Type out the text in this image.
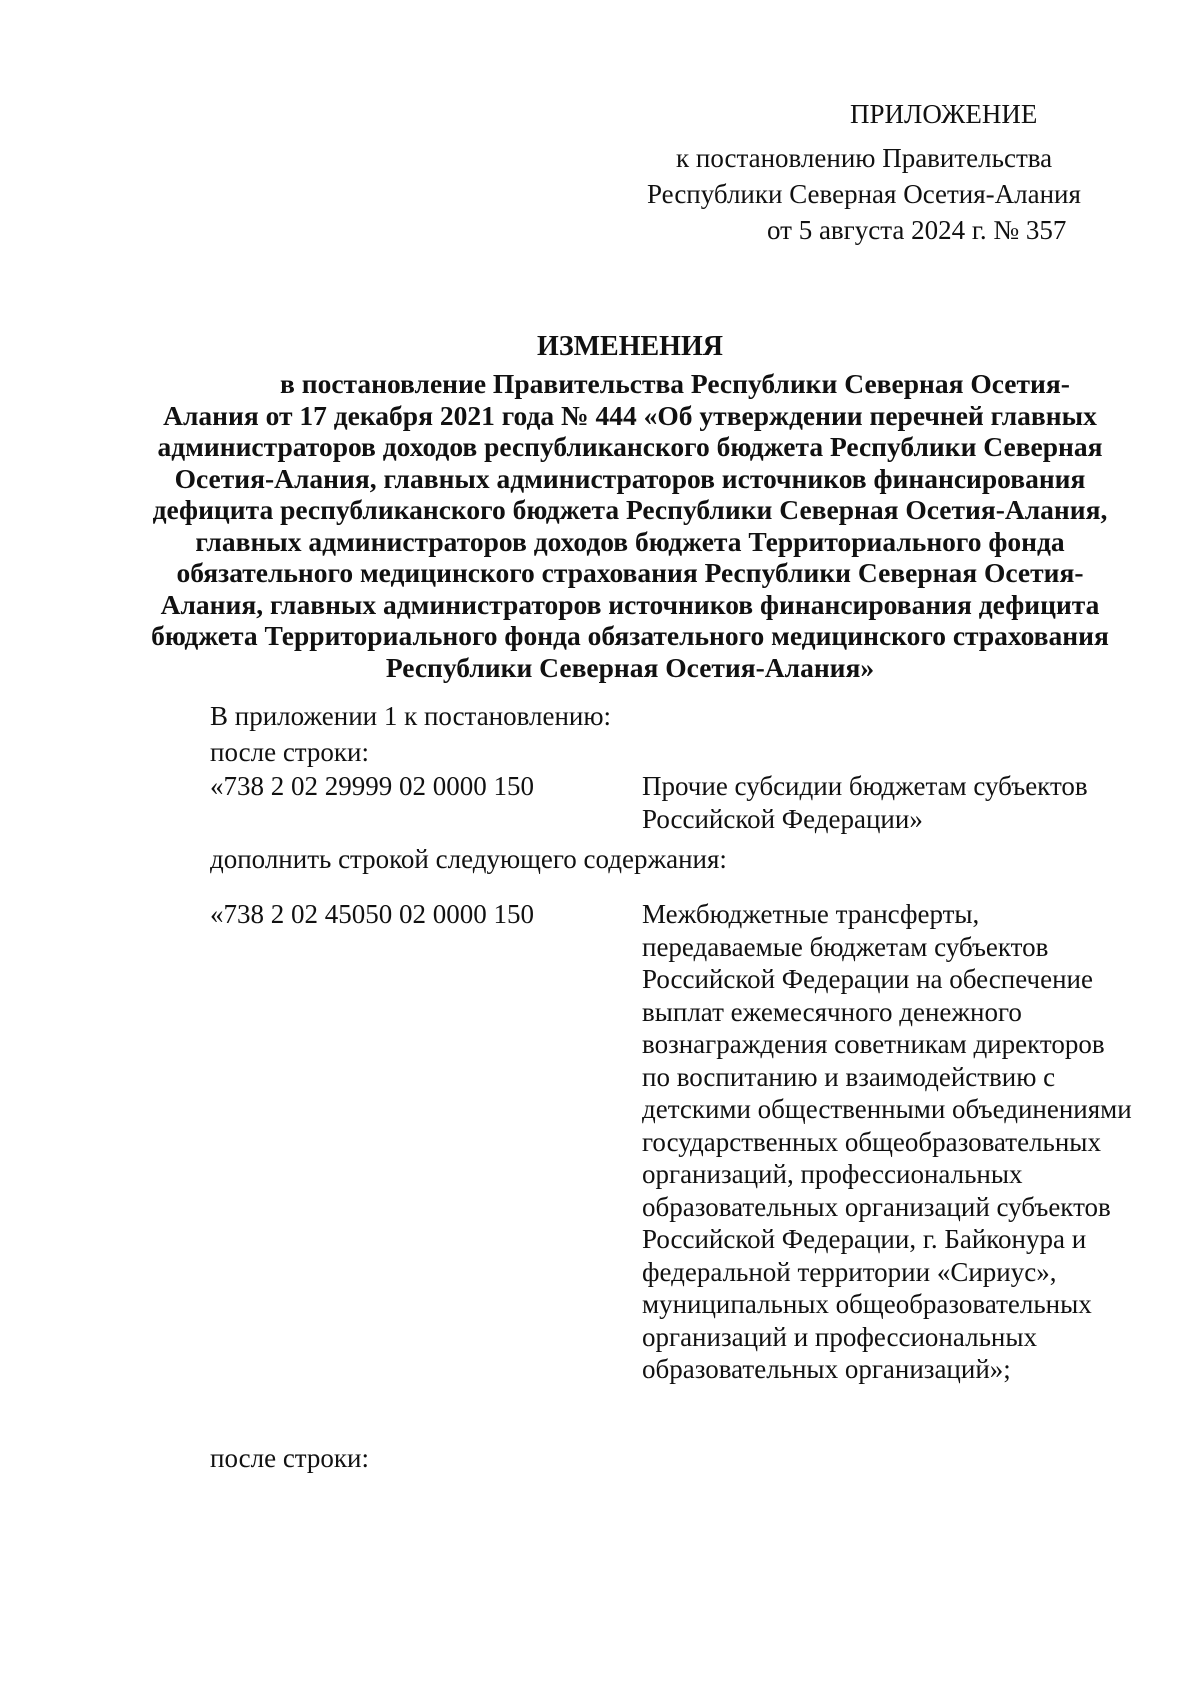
ПРИЛОЖЕНИЕ
к постановлению Правительства
Республики Северная Осетия-Алания
от 5 августа 2024 г. № 357
ИЗМЕНЕНИЯ
в постановление Правительства Республики Северная Осетия-
Алания от 17 декабря 2021 года № 444 «Об утверждении перечней главных администраторов доходов республиканского бюджета Республики Северная Осетия-Алания, главных администраторов источников финансирования дефицита республиканского бюджета Республики Северная Осетия-Алания, главных администраторов доходов бюджета Территориального фонда обязательного медицинского страхования Республики Северная Осетия-Алания, главных администраторов источников финансирования дефицита бюджета Территориального фонда обязательного медицинского страхования Республики Северная Осетия-Алания»
В приложении 1 к постановлению:
после строки:
«738 2 02 29999 02 0000 150	Прочие субсидии бюджетам субъектов Российской Федерации»
дополнить строкой следующего содержания:
«738 2 02 45050 02 0000 150	Межбюджетные трансферты, передаваемые бюджетам субъектов Российской Федерации на обеспечение выплат ежемесячного денежного вознаграждения советникам директоров по воспитанию и взаимодействию с детскими общественными объединениями государственных общеобразовательных организаций, профессиональных образовательных организаций субъектов Российской Федерации, г. Байконура и федеральной территории «Сириус», муниципальных общеобразовательных организаций и профессиональных образовательных организаций»;
после строки:
